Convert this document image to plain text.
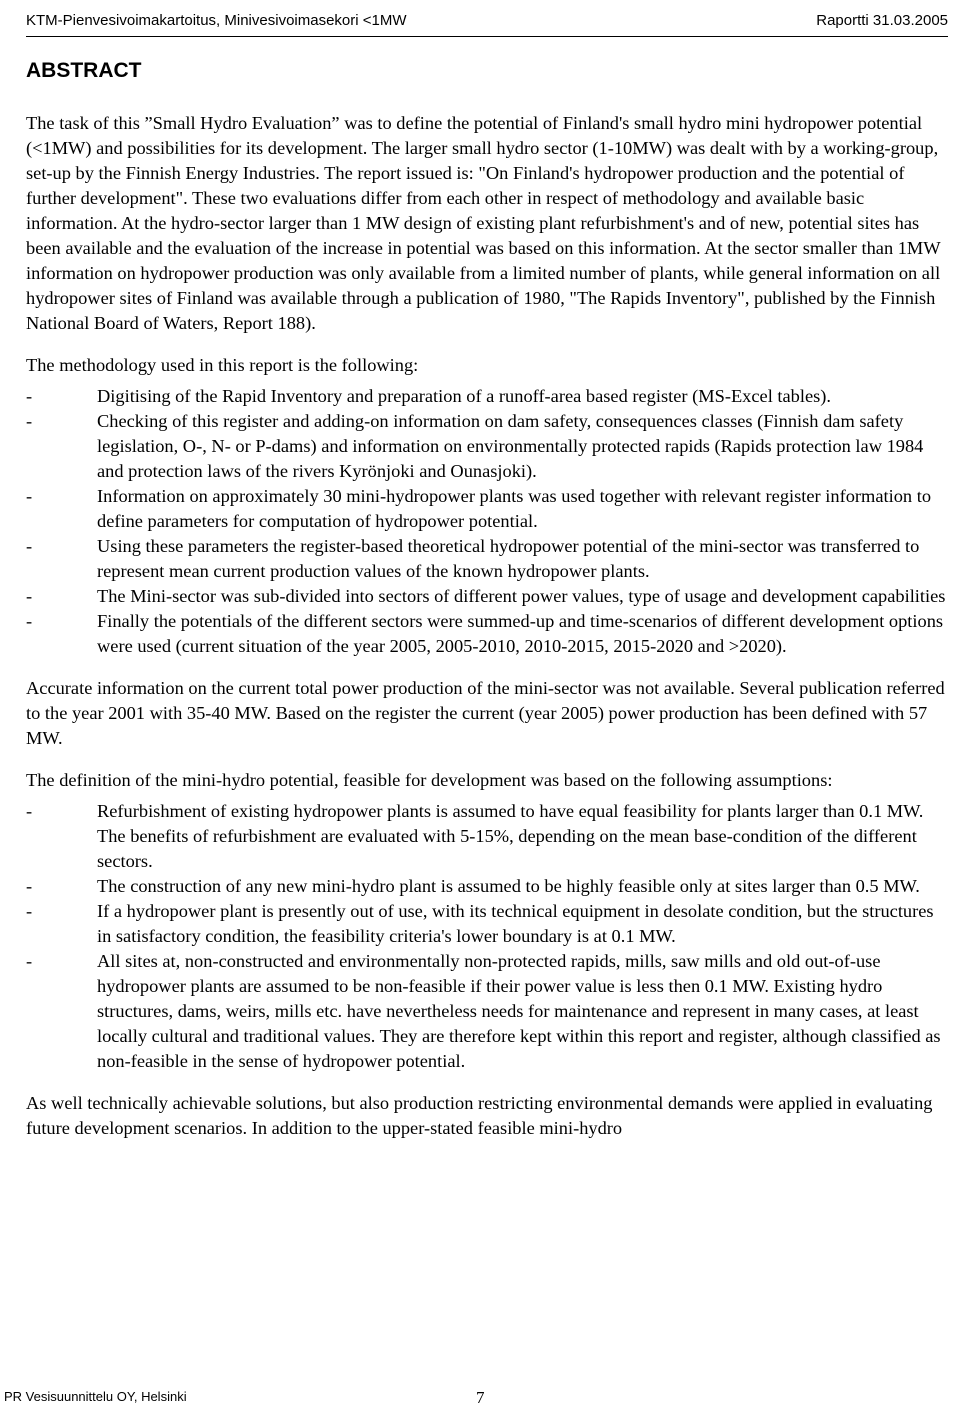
KTM-Pienvesivoimakartoitus, Minivesivoimasekori <1MW	Raportti 31.03.2005
ABSTRACT

The task of this ”Small Hydro Evaluation” was to define the potential of Finland's small hydro mini hydropower potential (<1MW) and possibilities for its development. The larger small hydro sector (1-10MW) was dealt with by a working-group, set-up by the Finnish Energy Industries. The report issued is: "On Finland's hydropower production and the potential of further development". These two evaluations differ from each other in respect of methodology and available basic information. At the hydro-sector larger than 1 MW design of existing plant refurbishment's and of new, potential sites has been available and the evaluation of the increase in potential was based on this information. At the sector smaller than 1MW information on hydropower production was only available from a limited number of plants, while general information on all hydropower sites of Finland was available through a publication of 1980, "The Rapids Inventory", published by the Finnish National Board of Waters, Report 188).

The methodology used in this report is the following:

-	Digitising of the Rapid Inventory and preparation of a runoff-area based register (MS-Excel tables).
-	Checking of this register and adding-on information on dam safety, consequences classes (Finnish dam safety legislation, O-, N- or P-dams) and information on environmentally protected rapids (Rapids protection law 1984 and protection laws of the rivers Kyrönjoki and Ounasjoki).
-	Information on approximately 30 mini-hydropower plants was used together with relevant register information to define parameters for computation of hydropower potential.
-	Using these parameters the register-based theoretical hydropower potential of the mini-sector was transferred to represent mean current production values of the known hydropower plants.
-	The Mini-sector was sub-divided into sectors of different power values, type of usage and development capabilities
-	Finally the potentials of the different sectors were summed-up and time-scenarios of different development options were used (current situation of the year 2005, 2005-2010, 2010-2015, 2015-2020 and >2020).

Accurate information on the current total power production of the mini-sector was not available. Several publication referred to the year 2001 with 35-40 MW. Based on the register the current (year 2005) power production has been defined with 57 MW.

The definition of the mini-hydro potential, feasible for development was based on the following assumptions:

-	Refurbishment of existing hydropower plants is assumed to have equal feasibility for plants larger than 0.1 MW. The benefits of refurbishment are evaluated with 5-15%, depending on the mean base-condition of the different sectors.
-	The construction of any new mini-hydro plant is assumed to be highly feasible only at sites larger than 0.5 MW.
-	If a hydropower plant is presently out of use, with its technical equipment in desolate condition, but the structures in satisfactory condition, the feasibility criteria's lower boundary is at 0.1 MW.
-	All sites at, non-constructed and environmentally non-protected rapids, mills, saw mills and old out-of-use hydropower plants are assumed to be non-feasible if their power value is less then 0.1 MW. Existing hydro structures, dams, weirs, mills etc. have nevertheless needs for maintenance and represent in many cases, at least locally cultural and traditional values. They are therefore kept within this report and register, although classified as non-feasible in the sense of hydropower potential.

As well technically achievable solutions, but also production restricting environmental demands were applied in evaluating future development scenarios. In addition to the upper-stated feasible mini-hydro

PR Vesisuunnittelu OY, Helsinki	7
